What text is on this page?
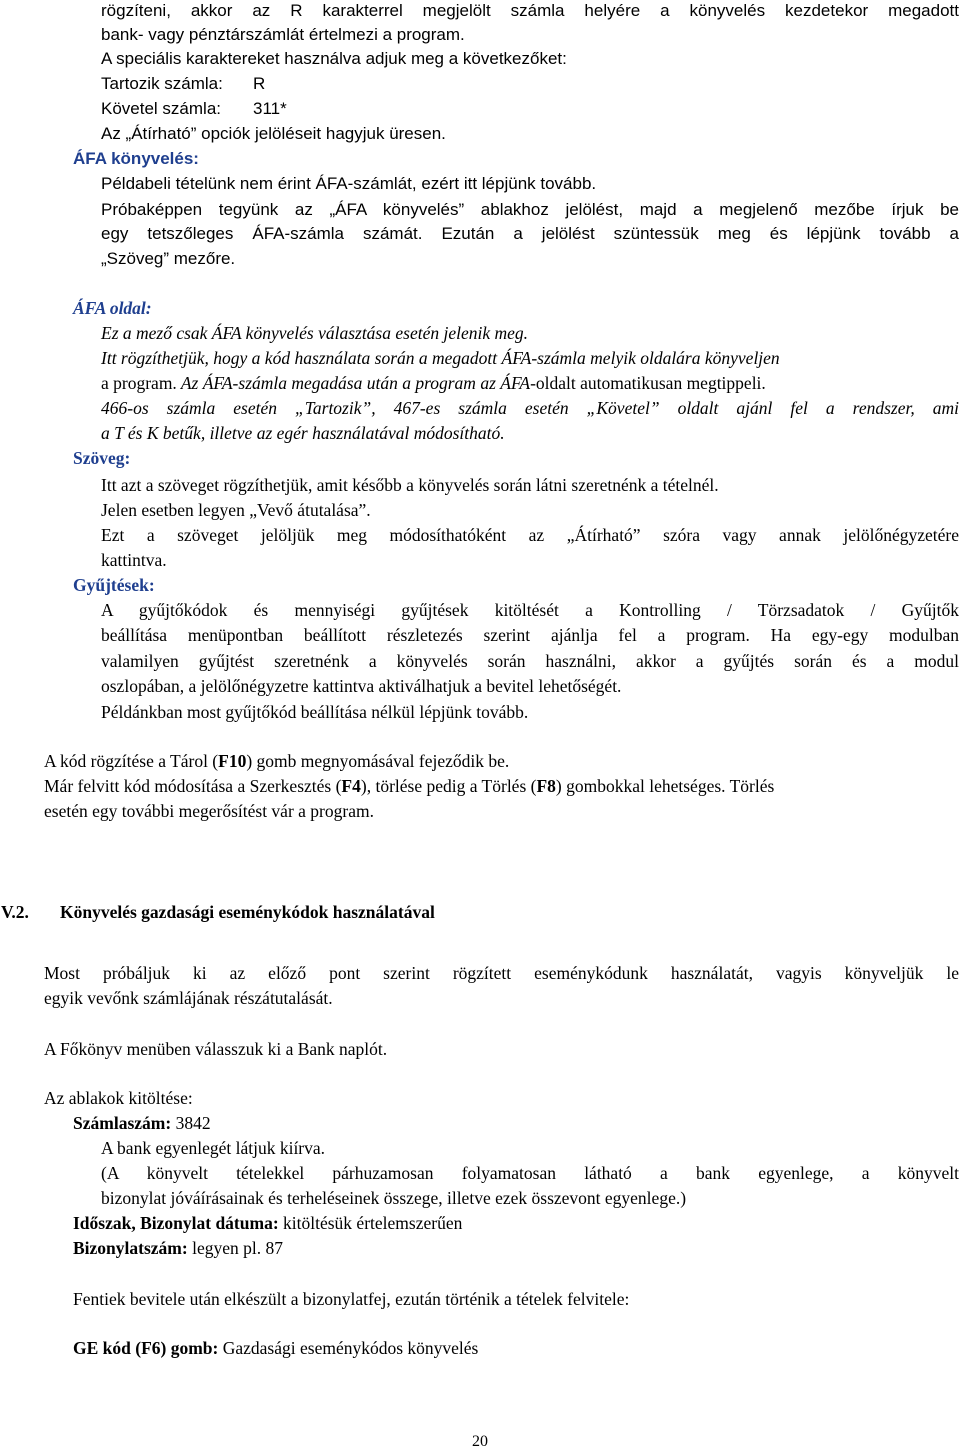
rögzíteni, akkor az R karakterrel megjelölt számla helyére a könyvelés kezdetekor megadott
bank- vagy pénztárszámlát értelmezi a program.
A speciális karaktereket használva adjuk meg a következőket:
Tartozik számla: R
Követel számla: 311*
Az „Átírható” opciók jelöléseit hagyjuk üresen.
ÁFA könyvelés:
Példabeli tételünk nem érint ÁFA-számlát, ezért itt lépjünk tovább.
Próbaképpen tegyünk az „ÁFA könyvelés” ablakhoz jelölést, majd a megjelenő mezőbe írjuk be
egy tetszőleges ÁFA-számla számát. Ezután a jelölést szüntessük meg és lépjünk tovább a
„Szöveg” mezőre.
ÁFA oldal:
Ez a mező csak ÁFA könyvelés választása esetén jelenik meg.
Itt rögzíthetjük, hogy a kód használata során a megadott ÁFA-számla melyik oldalára könyveljen
a program. Az ÁFA-számla megadása után a program az ÁFA-oldalt automatikusan megtippeli.
466-os számla esetén „Tartozik”, 467-es számla esetén „Követel” oldalt ajánl fel a rendszer, ami
a T és K betűk, illetve az egér használatával módosítható.
Szöveg:
Itt azt a szöveget rögzíthetjük, amit később a könyvelés során látni szeretnénk a tételnél.
Jelen esetben legyen „Vevő átutalása”.
Ezt a szöveget jelöljük meg módosíthatóként az „Átírható” szóra vagy annak jelölőnégyzetére
kattintva.
Gyűjtések:
A gyűjtőkódok és mennyiségi gyűjtések kitöltését a Kontrolling / Törzsadatok / Gyűjtők
beállítása menüpontban beállított részletezés szerint ajánlja fel a program. Ha egy-egy modulban
valamilyen gyűjtést szeretnénk a könyvelés során használni, akkor a gyűjtés során és a modul
oszlopában, a jelölőnégyzetre kattintva aktiválhatjuk a bevitel lehetőségét.
Példánkban most gyűjtőkód beállítása nélkül lépjünk tovább.
A kód rögzítése a Tárol (F10) gomb megnyomásával fejeződik be.
Már felvitt kód módosítása a Szerkesztés (F4), törlése pedig a Törlés (F8) gombokkal lehetséges. Törlés
esetén egy további megerősítést vár a program.
V.2. Könyvelés gazdasági eseménykódok használatával
Most próbáljuk ki az előző pont szerint rögzített eseménykódunk használatát, vagyis könyveljük le
egyik vevőnk számlájának részátutalását.
A Főkönyv menüben válasszuk ki a Bank naplót.
Az ablakok kitöltése:
Számlaszám: 3842
A bank egyenlegét látjuk kiírva.
(A könyvelt tételekkel párhuzamosan folyamatosan látható a bank egyenlege, a könyvelt
bizonylat jóváírásainak és terheléseinek összege, illetve ezek összevont egyenlege.)
Időszak, Bizonylat dátuma: kitöltésük értelemszerűen
Bizonylatszám: legyen pl. 87
Fentiek bevitele után elkészült a bizonylatfej, ezután történik a tételek felvitele:
GE kód (F6) gomb: Gazdasági eseménykódos könyvelés
20
